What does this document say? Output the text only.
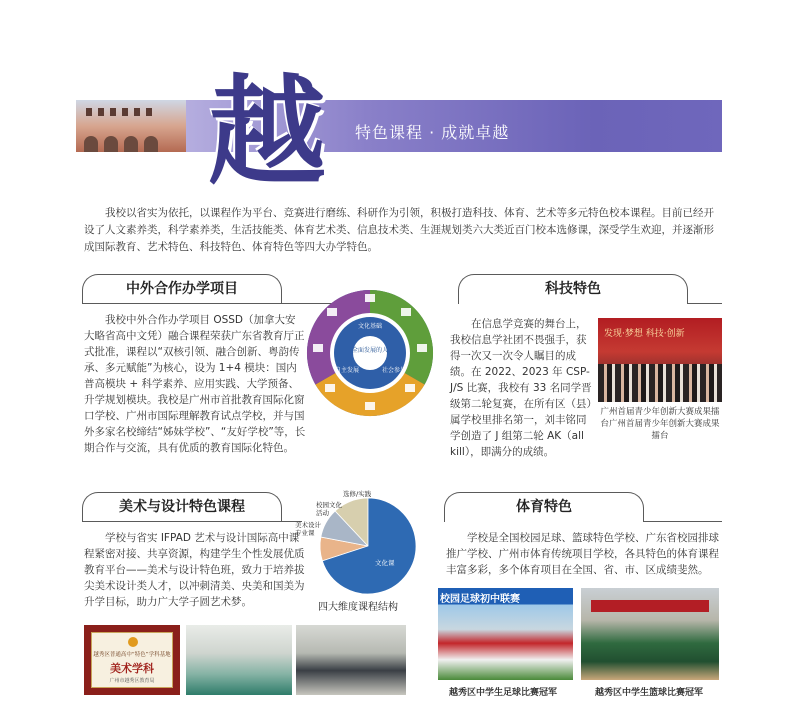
越	特色课程 · 成就卓越

我校以省实为依托，以课程作为平台、竞赛进行磨练、科研作为引领，积极打造科技、体育、艺术等多元特色校本课程。目前已经开设了人文素养类，科学素养类，生活技能类、体育艺术类、信息技术类、生涯规划类六大类近百门校本选修课，深受学生欢迎，并逐渐形成国际教育、艺术特色、科技特色、体育特色等四大办学特色。

中外合作办学项目

我校中外合作办学项目 OSSD（加拿大安大略省高中文凭）融合课程荣获广东省教育厅正式批准，课程以“双核引领、融合创新、粤韵传承、多元赋能”为核心，设为 1+4 模块：国内普高模块 + 科学素养、应用实践、大学预备、升学规划模块。我校是广州市首批教育国际化窗口学校、广州市国际理解教育试点学校，并与国外多家名校缔结“姊妹学校”、“友好学校”等，长期合作与交流，具有优质的教育国际化特色。

全面发展的人
文化基础
自主发展	社会参与
科技特色

在信息学竞赛的舞台上，我校信息学社团不畏强手，获得一次又一次令人瞩目的成绩。在 2022、2023 年 CSP-J/S 比赛，我校有 33 名同学晋级第二轮复赛，在所有区（县）属学校里排名第一，刘丰铭同学创造了 J 组第二轮 AK（all kill），即满分的成绩。

发现·梦想 科技·创新
广州首届青少年创新大赛成果擂台广州首届青少年创新大赛成果擂台
美术与设计特色课程

学校与省实 IFPAD 艺术与设计国际高中课程紧密对接、共享资源，构建学生个性发展优质教育平台——美术与设计特色班，致力于培养拔尖美术设计类人才，以冲刺清美、央美和国美为升学目标，助力广大学子圆艺术梦。

选修/实践
校园文化活动
美术设计专业课
文化课
四大维度课程结构
越秀区普通高中“特色”学科基地
美术学科
广州市越秀区教育局
体育特色

学校是全国校园足球、篮球特色学校、广东省校园排球推广学校、广州市体育传统项目学校，各具特色的体育课程丰富多彩，多个体育项目在全国、省、市、区成绩斐然。

校园足球初中联赛
越秀区中学生足球比赛冠军	越秀区中学生篮球比赛冠军
